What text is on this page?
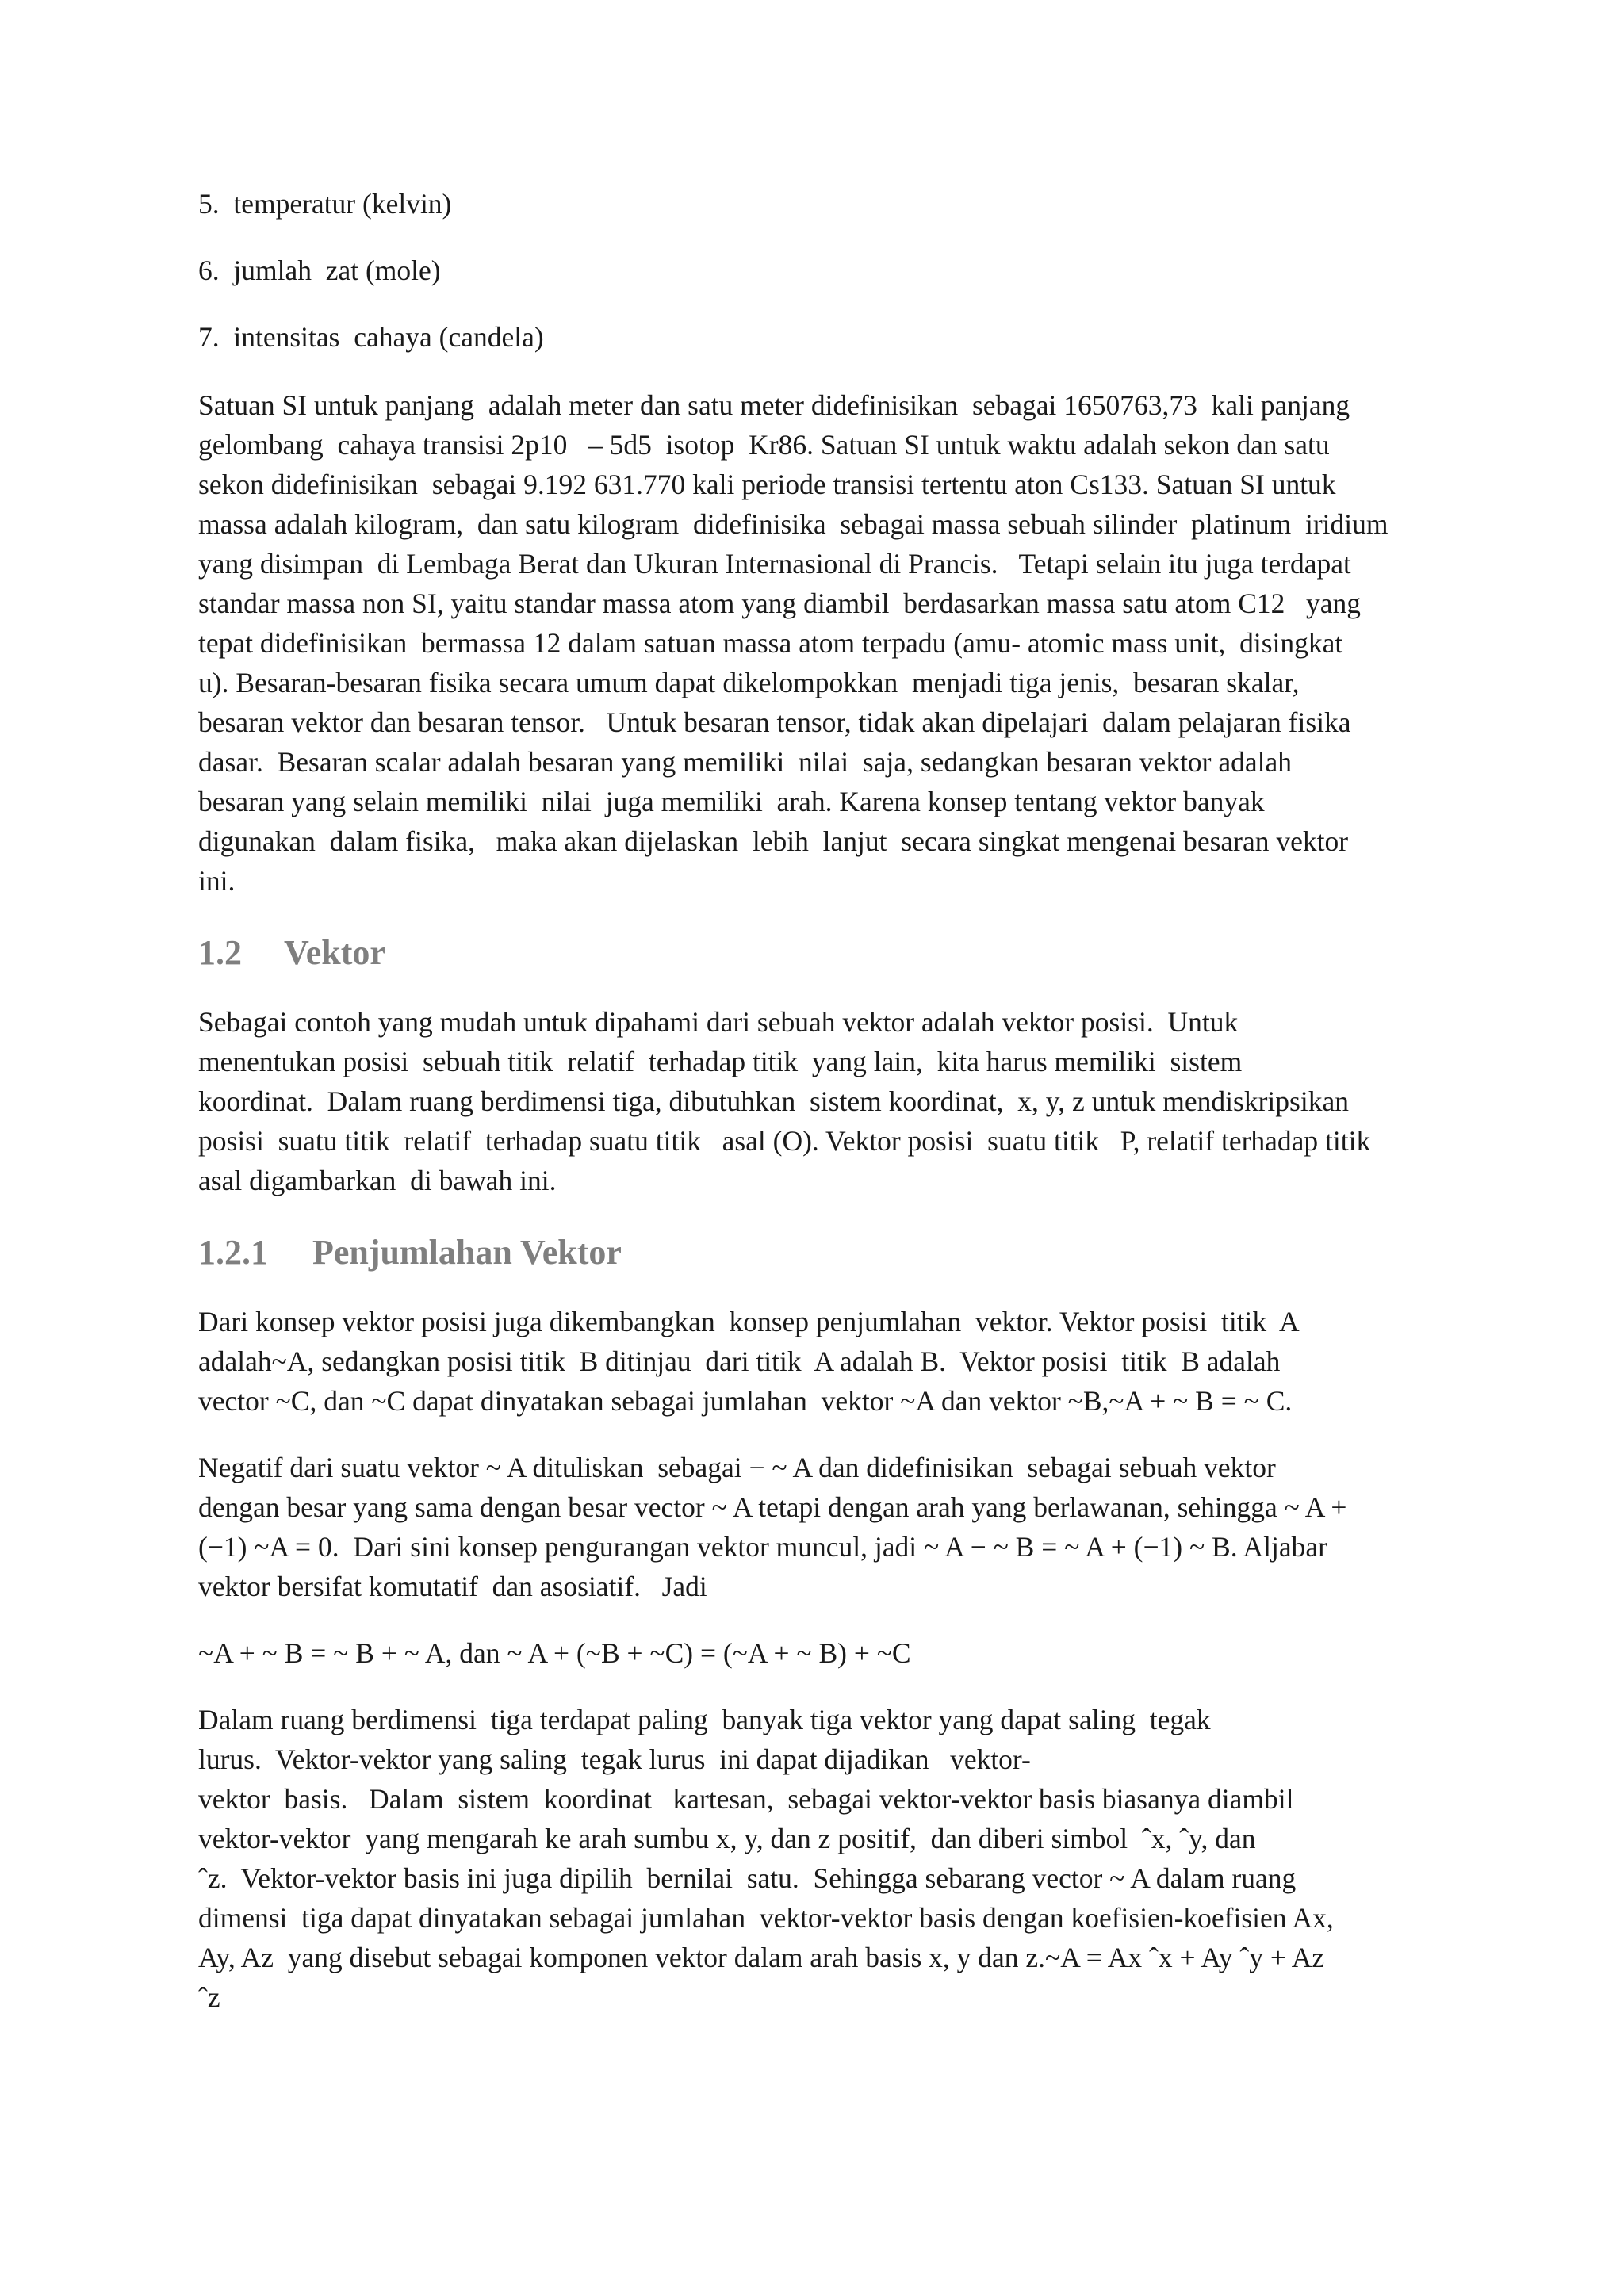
5.  temperatur (kelvin)
6.  jumlah  zat (mole)
7.  intensitas  cahaya (candela)

Satuan SI untuk panjang  adalah meter dan satu meter didefinisikan  sebagai 1650763,73  kali panjang
gelombang  cahaya transisi 2p10   – 5d5  isotop  Kr86. Satuan SI untuk waktu adalah sekon dan satu
sekon didefinisikan  sebagai 9.192 631.770 kali periode transisi tertentu aton Cs133. Satuan SI untuk
massa adalah kilogram,  dan satu kilogram  didefinisika  sebagai massa sebuah silinder  platinum  iridium
yang disimpan  di Lembaga Berat dan Ukuran Internasional di Prancis.   Tetapi selain itu juga terdapat
standar massa non SI, yaitu standar massa atom yang diambil  berdasarkan massa satu atom C12   yang
tepat didefinisikan  bermassa 12 dalam satuan massa atom terpadu (amu- atomic mass unit,  disingkat
u). Besaran-besaran fisika secara umum dapat dikelompokkan  menjadi tiga jenis,  besaran skalar,
besaran vektor dan besaran tensor.   Untuk besaran tensor, tidak akan dipelajari  dalam pelajaran fisika
dasar.  Besaran scalar adalah besaran yang memiliki  nilai  saja, sedangkan besaran vektor adalah
besaran yang selain memiliki  nilai  juga memiliki  arah. Karena konsep tentang vektor banyak
digunakan  dalam fisika,   maka akan dijelaskan  lebih  lanjut  secara singkat mengenai besaran vektor
ini.

1.2 Vektor

Sebagai contoh yang mudah untuk dipahami dari sebuah vektor adalah vektor posisi.  Untuk
menentukan posisi  sebuah titik  relatif  terhadap titik  yang lain,  kita harus memiliki  sistem
koordinat.  Dalam ruang berdimensi tiga, dibutuhkan  sistem koordinat,  x, y, z untuk mendiskripsikan
posisi  suatu titik  relatif  terhadap suatu titik   asal (O). Vektor posisi  suatu titik   P, relatif terhadap titik
asal digambarkan  di bawah ini.

1.2.1 Penjumlahan Vektor

Dari konsep vektor posisi juga dikembangkan  konsep penjumlahan  vektor. Vektor posisi  titik  A
adalah~A, sedangkan posisi titik  B ditinjau  dari titik  A adalah B.  Vektor posisi  titik  B adalah
vector ~C, dan ~C dapat dinyatakan sebagai jumlahan  vektor ~A dan vektor ~B,~A + ~ B = ~ C.

Negatif dari suatu vektor ~ A dituliskan  sebagai − ~ A dan didefinisikan  sebagai sebuah vektor
dengan besar yang sama dengan besar vector ~ A tetapi dengan arah yang berlawanan, sehingga ~ A +
(−1) ~A = 0.  Dari sini konsep pengurangan vektor muncul, jadi ~ A − ~ B = ~ A + (−1) ~ B. Aljabar
vektor bersifat komutatif  dan asosiatif.   Jadi

~A + ~ B = ~ B + ~ A, dan ~ A + (~B + ~C) = (~A + ~ B) + ~C

Dalam ruang berdimensi  tiga terdapat paling  banyak tiga vektor yang dapat saling  tegak
lurus.  Vektor-vektor yang saling  tegak lurus  ini dapat dijadikan   vektor-
vektor  basis.   Dalam  sistem  koordinat   kartesan,  sebagai vektor-vektor basis biasanya diambil
vektor-vektor  yang mengarah ke arah sumbu x, y, dan z positif,  dan diberi simbol  ˆx, ˆy, dan
ˆz.  Vektor-vektor basis ini juga dipilih  bernilai  satu.  Sehingga sebarang vector ~ A dalam ruang
dimensi  tiga dapat dinyatakan sebagai jumlahan  vektor-vektor basis dengan koefisien-koefisien Ax,
Ay, Az  yang disebut sebagai komponen vektor dalam arah basis x, y dan z.~A = Ax ˆx + Ay ˆy + Az
ˆz
